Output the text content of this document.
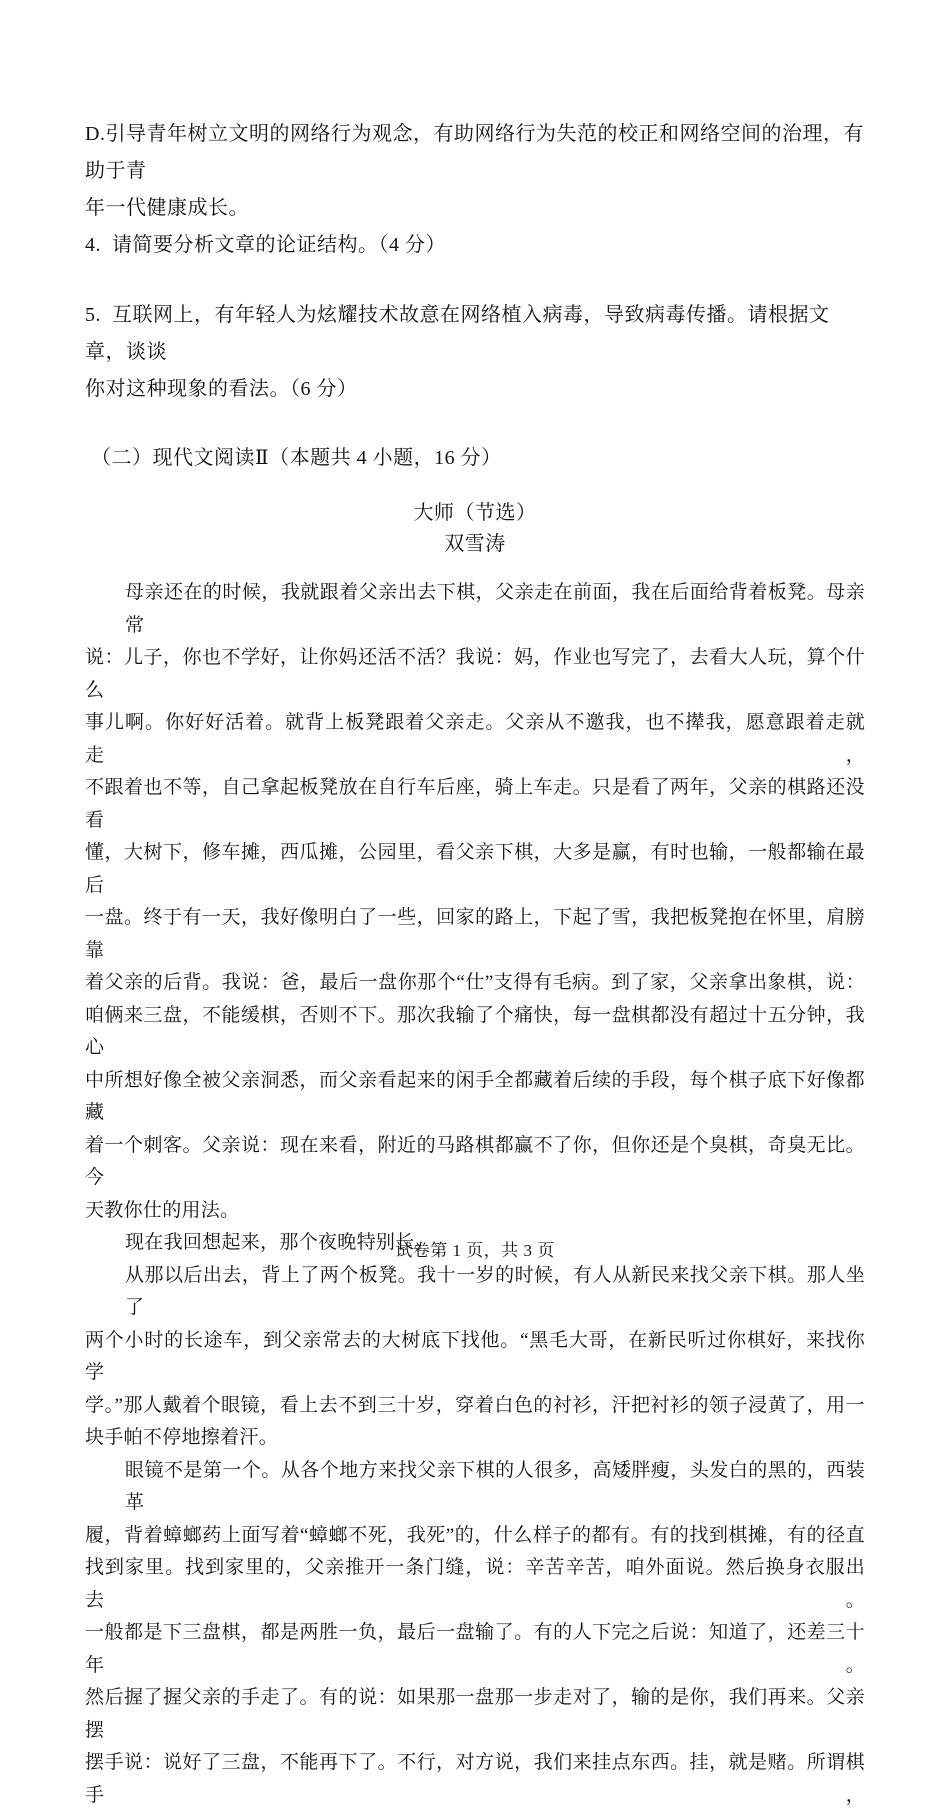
D.引导青年树立文明的网络行为观念，有助网络行为失范的校正和网络空间的治理，有助于青
年一代健康成长。
4.  请简要分析文章的论证结构。（4 分）
5.  互联网上，有年轻人为炫耀技术故意在网络植入病毒，导致病毒传播。请根据文章，谈谈
你对这种现象的看法。（6 分）
（二）现代文阅读Ⅱ（本题共 4 小题，16 分）
大师（节选）
双雪涛
母亲还在的时候，我就跟着父亲出去下棋，父亲走在前面，我在后面给背着板凳。母亲常
说：儿子，你也不学好，让你妈还活不活？我说：妈，作业也写完了，去看大人玩，算个什么
事儿啊。你好好活着。就背上板凳跟着父亲走。父亲从不邀我，也不撵我，愿意跟着走就走，
不跟着也不等，自己拿起板凳放在自行车后座，骑上车走。只是看了两年，父亲的棋路还没看
懂，大树下，修车摊，西瓜摊，公园里，看父亲下棋，大多是赢，有时也输，一般都输在最后
一盘。终于有一天，我好像明白了一些，回家的路上，下起了雪，我把板凳抱在怀里，肩膀靠
着父亲的后背。我说：爸，最后一盘你那个“仕”支得有毛病。到了家，父亲拿出象棋，说：
咱俩来三盘，不能缓棋，否则不下。那次我输了个痛快，每一盘棋都没有超过十五分钟，我心
中所想好像全被父亲洞悉，而父亲看起来的闲手全都藏着后续的手段，每个棋子底下好像都藏
着一个刺客。父亲说：现在来看，附近的马路棋都赢不了你，但你还是个臭棋，奇臭无比。今
天教你仕的用法。
现在我回想起来，那个夜晚特别长。
从那以后出去，背上了两个板凳。我十一岁的时候，有人从新民来找父亲下棋。那人坐了
两个小时的长途车，到父亲常去的大树底下找他。“黑毛大哥，在新民听过你棋好，来找你学
学。”那人戴着个眼镜，看上去不到三十岁，穿着白色的衬衫，汗把衬衫的领子浸黄了，用一
块手帕不停地擦着汗。
眼镜不是第一个。从各个地方来找父亲下棋的人很多，高矮胖瘦，头发白的黑的，西装革
履，背着蟑螂药上面写着“蟑螂不死，我死”的，什么样子的都有。有的找到棋摊，有的径直
找到家里。找到家里的，父亲推开一条门缝，说：辛苦辛苦，咱外面说。然后换身衣服出去。
一般都是下三盘棋，都是两胜一负，最后一盘输了。有的人下完之后说：知道了，还差三十年。
然后握了握父亲的手走了。有的说：如果那一盘那一步走对了，输的是你，我们再来。父亲摆
摆手说：说好了三盘，不能再下了。不行，对方说，我们来挂点东西。挂，就是赌。所谓棋手，
试卷第 1 页，共 3 页
